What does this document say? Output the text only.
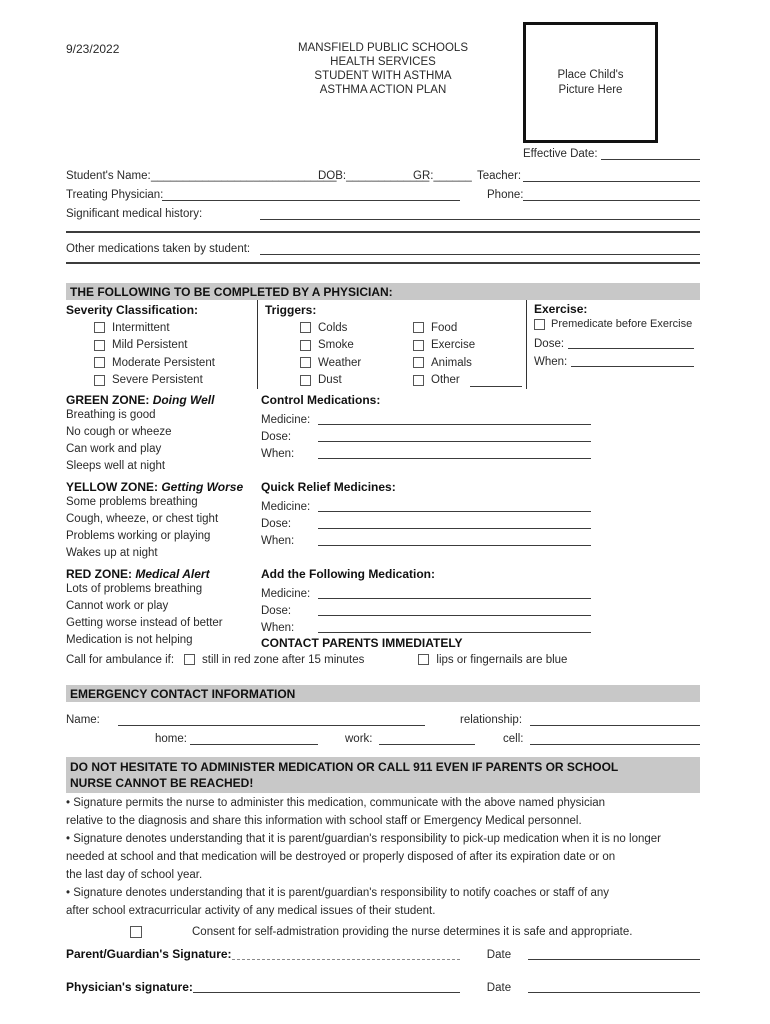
Place Child's Picture Here
Effective Date:
9/23/2022	MANSFIELD PUBLIC SCHOOLS
HEALTH SERVICES
STUDENT WITH ASTHMA
ASTHMA ACTION PLAN
Student's Name: _____________________________
DOB:_____________
GR:______ Teacher:
Treating Physician:	Phone:
Significant medical history:
Other medications taken by student:
THE FOLLOWING TO BE COMPLETED BY A PHYSICIAN:
Severity Classification:
Intermittent
Mild Persistent
Moderate Persistent
Severe Persistent
Triggers:
Colds
Smoke
Weather
Dust
Food
Exercise
Animals
Other
Exercise:
Premedicate before Exercise
Dose:
When:
GREEN ZONE: Doing Well
Breathing is good
No cough or wheeze
Can work and play
Sleeps well at night
Control Medications:
Medicine:
Dose:
When:
YELLOW ZONE: Getting Worse
Some problems breathing
Cough, wheeze, or chest tight
Problems working or playing
Wakes up at night
Quick Relief Medicines:
Medicine:
Dose:
When:
RED ZONE: Medical Alert
Lots of problems breathing
Cannot work or play
Getting worse instead of better
Medication is not helping
Add the Following Medication:
Medicine:
Dose:
When:
CONTACT PARENTS IMMEDIATELY
Call for ambulance if: still in red zone after 15 minutes	lips or fingernails are blue
EMERGENCY CONTACT INFORMATION
Name:	relationship:
home:	work:	cell:
DO NOT HESITATE TO ADMINISTER MEDICATION OR CALL 911 EVEN IF PARENTS OR SCHOOL
NURSE CANNOT BE REACHED!
• Signature permits the nurse to administer this medication, communicate with the above named physician
relative to the diagnosis and share this information with school staff or Emergency Medical personnel.
• Signature denotes understanding that it is parent/guardian's responsibility to pick-up medication when it is no longer
needed at school and that medication will be destroyed or properly disposed of after its expiration date or on
the last day of school year.
• Signature denotes understanding that it is parent/guardian's responsibility to notify coaches or staff of any
after school extracurricular activity of any medical issues of their student.
Consent for self-admistration providing the nurse determines it is safe and appropriate.
Parent/Guardian's Signature:	Date
Physician's signature:	Date
